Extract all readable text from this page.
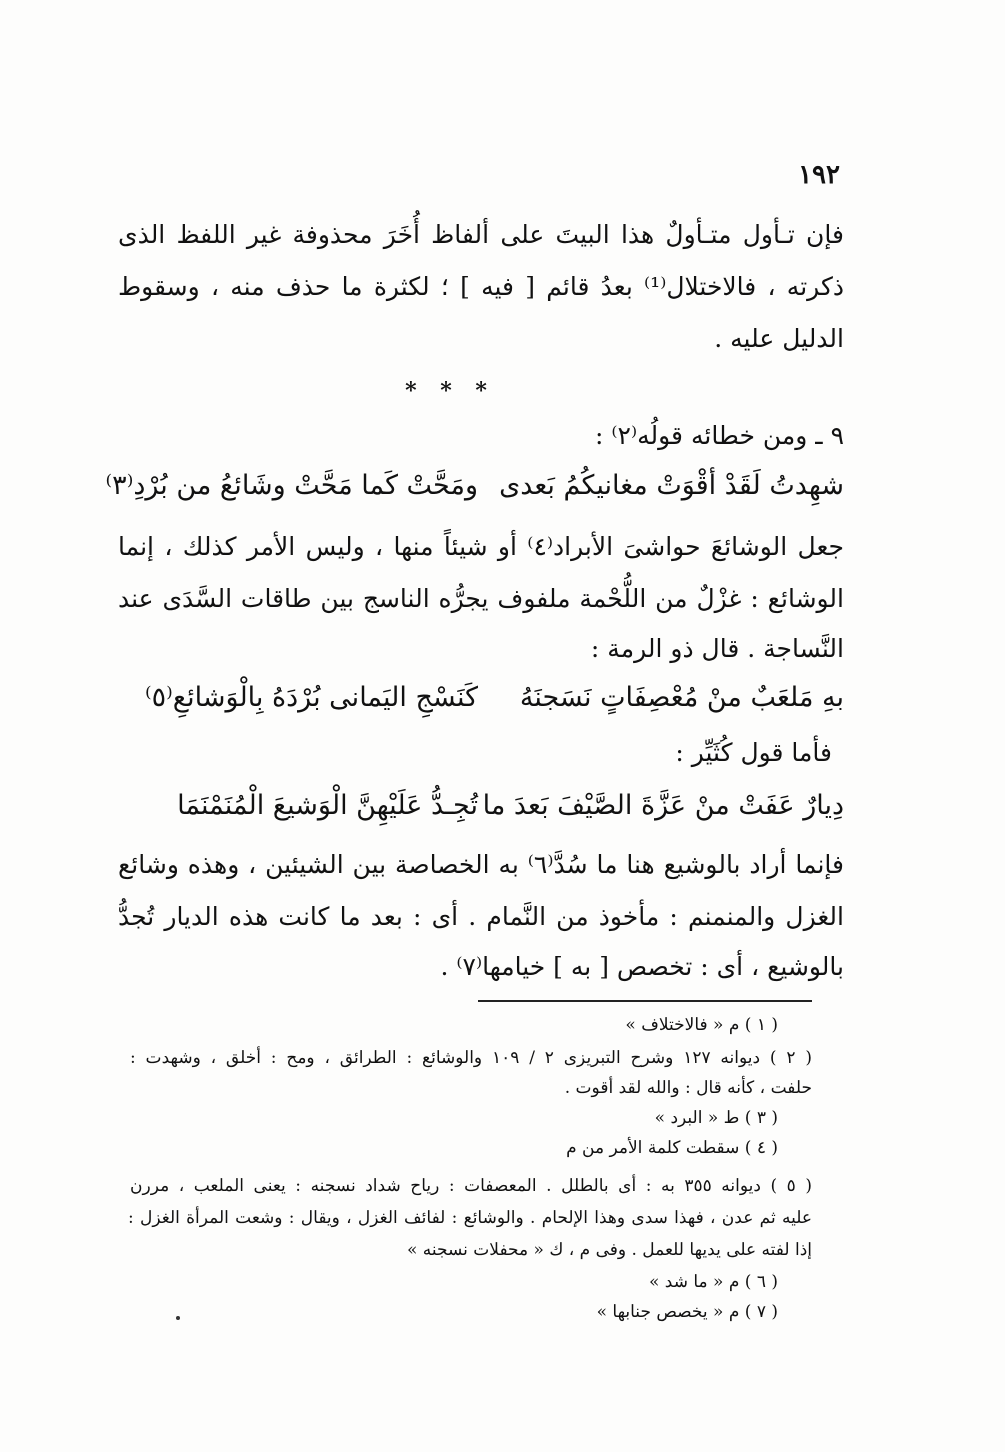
١٩٢
فإن تـأول متـأولٌ هذا البيتَ على ألفاظ أُخَرَ محذوفة غير اللفظ الذى
ذكرته ، فالاختلال⁽¹⁾ بعدُ قائم [ فيه ] ؛ لكثرة ما حذف منه ، وسقوط
الدليل عليه .
* * *
٩ ـ ومن خطائه قولُه⁽٢⁾ :
شهِدتُ لَقَدْ أقْوَتْ مغانيكُمُ بَعدى
ومَحَّتْ كَما مَحَّتْ وشَائعُ من بُرْدِ⁽٣⁾
جعل الوشائعَ حواشىَ الأبراد⁽٤⁾ أو شيئاً منها ، وليس الأمر كذلك ، إنما
الوشائع : غزْلٌ من اللُّحْمة ملفوف يجرُّه الناسج بين طاقات السَّدَى عند
النَّساجة . قال ذو الرمة :
بهِ مَلعَبٌ منْ مُعْصِفَاتٍ نَسَجنَهُ
كَنَسْجِ اليَمانى بُرْدَهُ بِالْوَشائعِ⁽٥⁾
فأما قول كُثَيِّر :
دِيارٌ عَفَتْ منْ عَزَّةَ الصَّيْفَ بَعدَ ما
تُجِـدُّ عَلَيْهِنَّ الْوَشيعَ الْمُنَمْنَمَا
فإنما أراد بالوشيع هنا ما سُدَّ⁽٦⁾ به الخصاصة بين الشيئين ، وهذه وشائع
الغزل والمنمنم : مأخوذ من النَّمام . أى : بعد ما كانت هذه الديار تُجدُّ
بالوشيع ، أى : تخصص [ به ] خيامها⁽٧⁾ .
( ١ ) م « فالاختلاف »
( ٢ ) ديوانه ١٢٧ وشرح التبريزى ٢ / ١٠٩ والوشائع : الطرائق ، ومح : أخلق ، وشهدت :
حلفت ، كأنه قال : والله لقد أقوت .
( ٣ ) ط « البرد »
( ٤ ) سقطت كلمة الأمر من م
( ٥ ) ديوانه ٣٥٥ به : أى بالطلل . المعصفات : رياح شداد نسجنه : يعنى الملعب ، مررن
عليه ثم عدن ، فهذا سدى وهذا الإلحام . والوشائع : لفائف الغزل ، ويقال : وشعت المرأة الغزل :
إذا لفته على يديها للعمل . وفى م ، ك « محفلات نسجنه »
( ٦ ) م « ما شد »
( ٧ ) م « يخصص جنابها »
